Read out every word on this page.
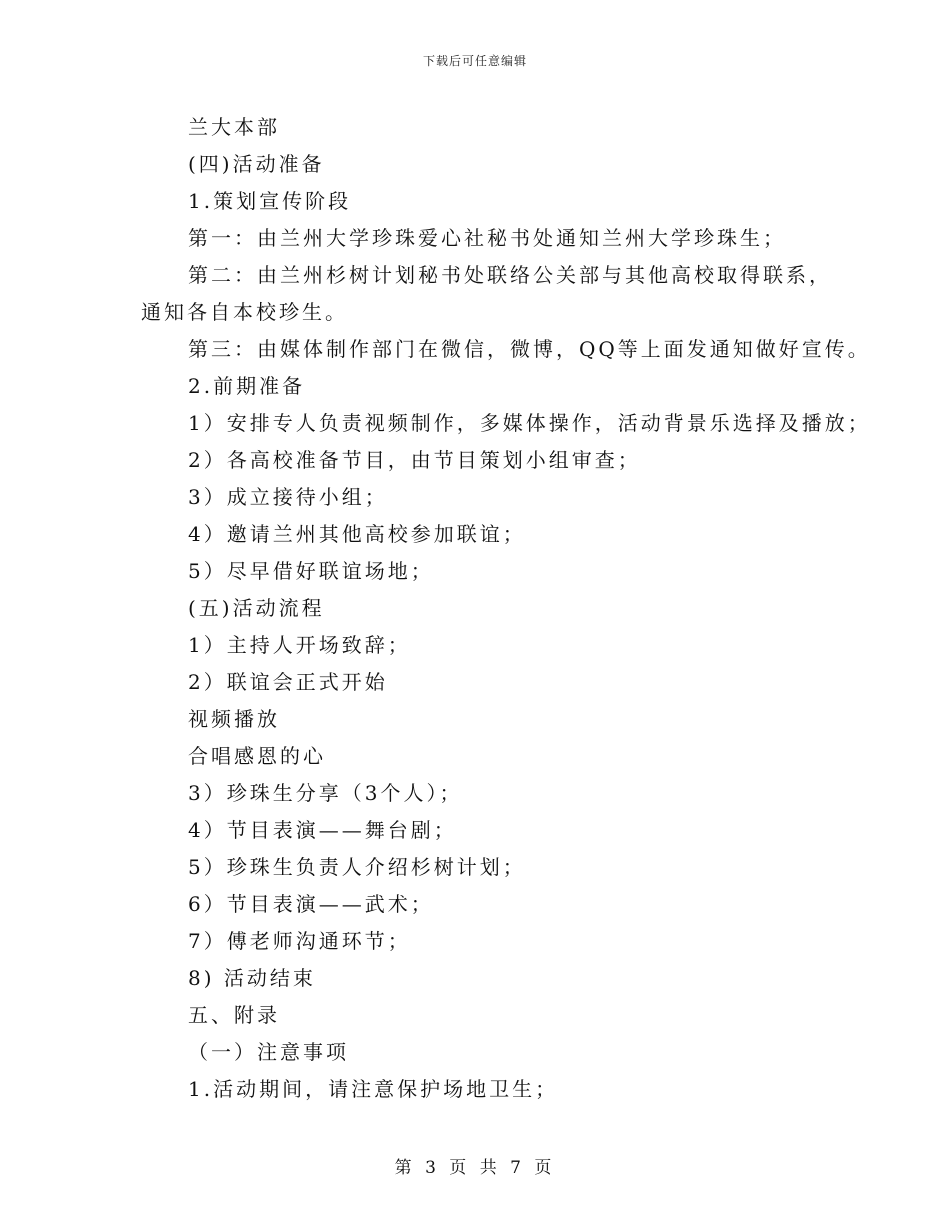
下载后可任意编辑
兰大本部
(四)活动准备
1.策划宣传阶段
第一：由兰州大学珍珠爱心社秘书处通知兰州大学珍珠生；
第二：由兰州杉树计划秘书处联络公关部与其他高校取得联系，
通知各自本校珍生。
第三：由媒体制作部门在微信，微博，QQ等上面发通知做好宣传。
2.前期准备
1）安排专人负责视频制作，多媒体操作，活动背景乐选择及播放；
2）各高校准备节目，由节目策划小组审查；
3）成立接待小组；
4）邀请兰州其他高校参加联谊；
5）尽早借好联谊场地；
(五)活动流程
1）主持人开场致辞；
2）联谊会正式开始
视频播放
合唱感恩的心
3）珍珠生分享（3个人）；
4）节目表演——舞台剧；
5）珍珠生负责人介绍杉树计划；
6）节目表演——武术；
7）傅老师沟通环节；
8) 活动结束
五、附录
（一）注意事项
1.活动期间，请注意保护场地卫生；
第 3 页 共 7 页
